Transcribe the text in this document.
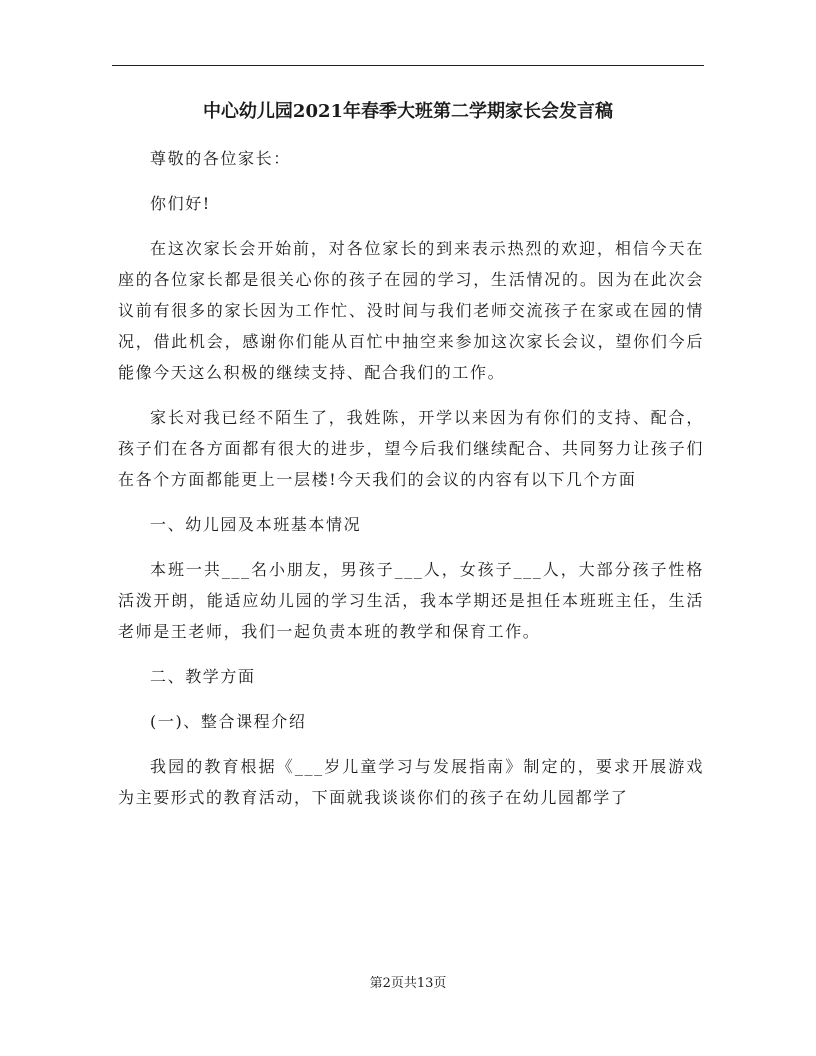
中心幼儿园2021年春季大班第二学期家长会发言稿

尊敬的各位家长：

你们好!

在这次家长会开始前，对各位家长的到来表示热烈的欢迎，相信今天在座的各位家长都是很关心你的孩子在园的学习，生活情况的。因为在此次会议前有很多的家长因为工作忙、没时间与我们老师交流孩子在家或在园的情况，借此机会，感谢你们能从百忙中抽空来参加这次家长会议，望你们今后能像今天这么积极的继续支持、配合我们的工作。

家长对我已经不陌生了，我姓陈，开学以来因为有你们的支持、配合，孩子们在各方面都有很大的进步，望今后我们继续配合、共同努力让孩子们在各个方面都能更上一层楼!今天我们的会议的内容有以下几个方面

一、幼儿园及本班基本情况

本班一共___名小朋友，男孩子___人，女孩子___人，大部分孩子性格活泼开朗，能适应幼儿园的学习生活，我本学期还是担任本班班主任，生活老师是王老师，我们一起负责本班的教学和保育工作。

二、教学方面

(一)、整合课程介绍

我园的教育根据《___岁儿童学习与发展指南》制定的，要求开展游戏为主要形式的教育活动，下面就我谈谈你们的孩子在幼儿园都学了

第2页共13页
